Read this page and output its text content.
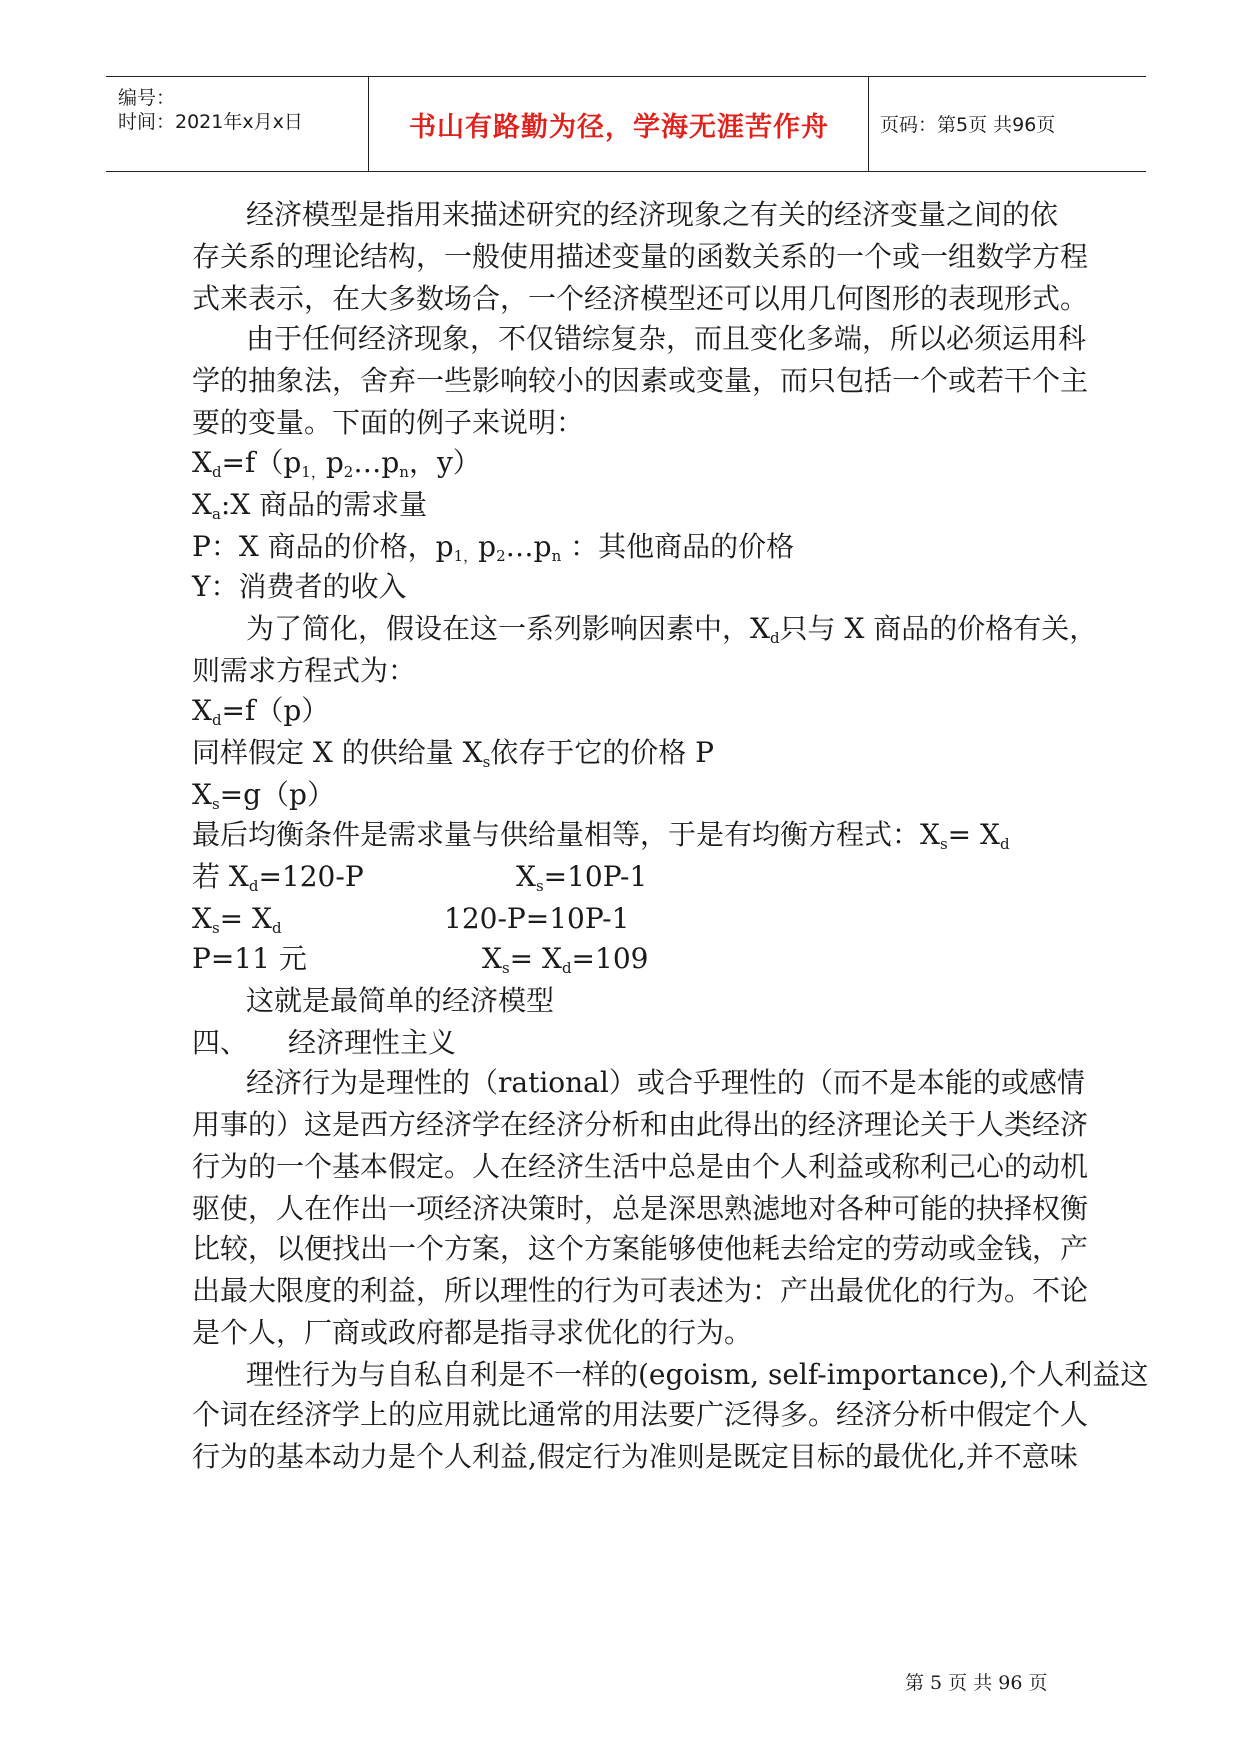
编号：
时间：2021年x月x日	书山有路勤为径，学海无涯苦作舟	页码：第5页 共96页
经济模型是指用来描述研究的经济现象之有关的经济变量之间的依
存关系的理论结构，一般使用描述变量的函数关系的一个或一组数学方程
式来表示，在大多数场合，一个经济模型还可以用几何图形的表现形式。
由于任何经济现象，不仅错综复杂，而且变化多端，所以必须运用科
学的抽象法，舍弃一些影响较小的因素或变量，而只包括一个或若干个主
要的变量。下面的例子来说明：
$X_d=f(p_{1,}p_2\dots p_n$，y）
$X_a:X$ 商品的需求量
P：X 商品的价格，$p_{1,}p_2\dots p_n$ ：其他商品的价格
Y：消费者的收入
为了简化，假设在这一系列影响因素中，$X_d$只与 X 商品的价格有关，
则需求方程式为：
$X_d=f(p)$
同样假定 X 的供给量 $X_s$依存于它的价格 P
$X_s=g(p)$
最后均衡条件是需求量与供给量相等，于是有均衡方程式：$X_s= X_d$
若 $X_d=120-P$	$X_s=10P-1$
$X_s= X_d$	120-P=10P-1
P=11 元	$X_s= X_d=109$
这就是最简单的经济模型
四、 经济理性主义
经济行为是理性的（rational）或合乎理性的（而不是本能的或感情
用事的）这是西方经济学在经济分析和由此得出的经济理论关于人类经济
行为的一个基本假定。人在经济生活中总是由个人利益或称利己心的动机
驱使，人在作出一项经济决策时，总是深思熟滤地对各种可能的抉择权衡
比较，以便找出一个方案，这个方案能够使他耗去给定的劳动或金钱，产
出最大限度的利益，所以理性的行为可表述为：产出最优化的行为。不论
是个人，厂商或政府都是指寻求优化的行为。
理性行为与自私自利是不一样的(egoism, self-importance),个人利益这
个词在经济学上的应用就比通常的用法要广泛得多。经济分析中假定个人
行为的基本动力是个人利益,假定行为准则是既定目标的最优化,并不意味
第 5 页 共 96 页
